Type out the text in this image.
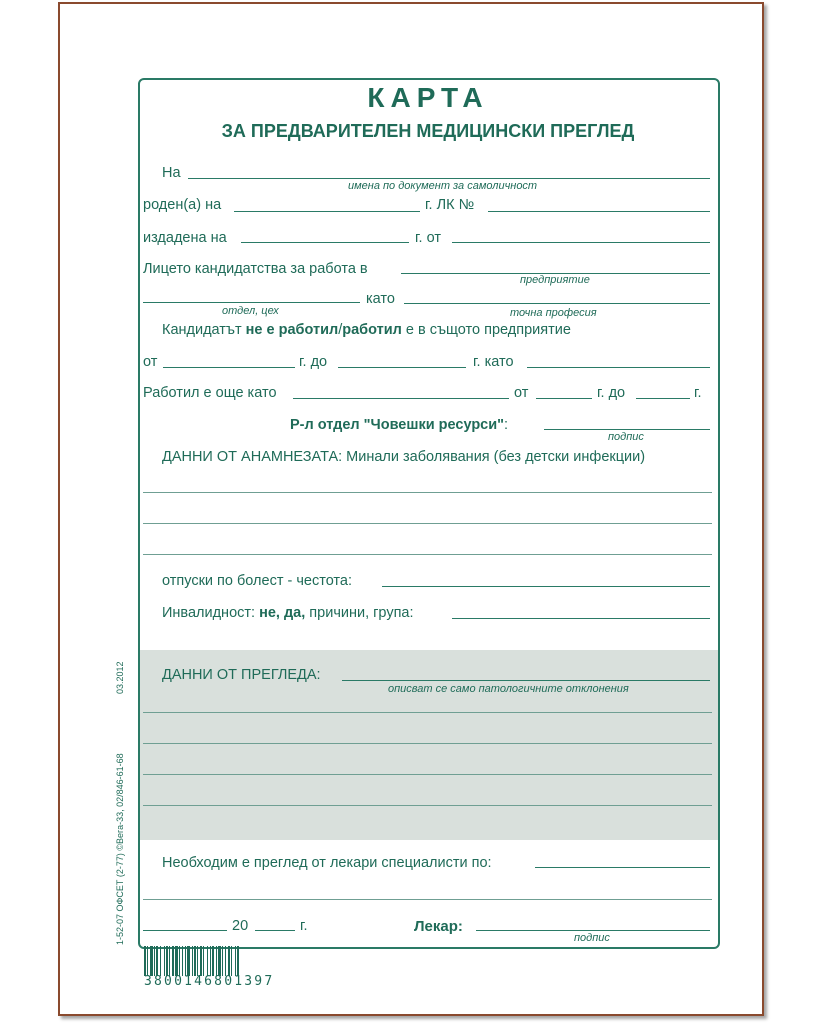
КАРТА
ЗА ПРЕДВАРИТЕЛЕН МЕДИЦИНСКИ ПРЕГЛЕД
На
имена по документ за самоличност
роден(а) на	г. ЛК №
издадена на	г. от
Лицето кандидатства за работа в
предприятие
отдел, цех
като
точна професия
Кандидатът не е работил/работил е в същото предприятие
от	г. до	г. като
Работил е още като	от	г. до	г.
Р-л отдел "Човешки ресурси":
подпис
ДАННИ ОТ АНАМНЕЗАТА: Минали заболявания (без детски инфекции)
отпуски по болест - честота:
Инвалидност: не, да, причини, група:
ДАННИ ОТ ПРЕГЛЕДА:
описват се само патологичните отклонения
Необходим е преглед от лекари специалисти по:
20	г.	Лекар:
подпис
03.2012
1-52-07 ОФСЕТ (2-77) ©Вега-33, 02/846-61-68
3800146801397
